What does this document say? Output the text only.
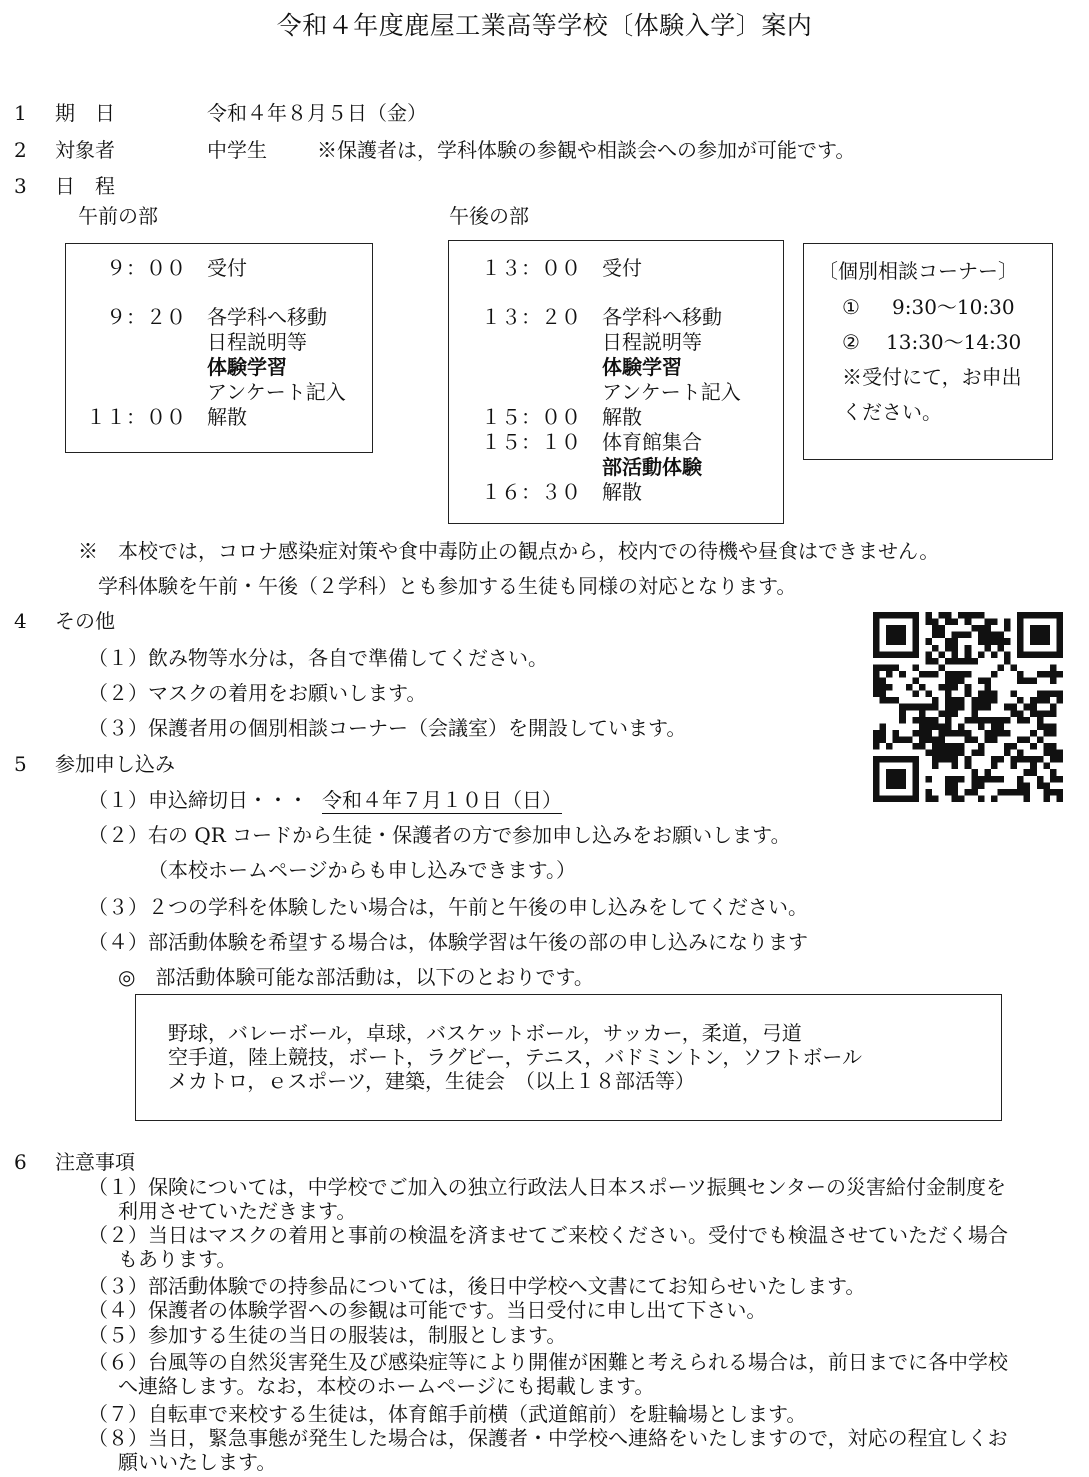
令和４年度鹿屋工業高等学校〔体験入学〕案内
1 期　日	令和４年８月５日（金）
2 対象者	中学生	※保護者は，学科体験の参観や相談会への参加が可能です。
3 日　程
午前の部	午後の部
９：００ 受付
９：２０ 各学科へ移動
日程説明等
体験学習
アンケート記入
１１：００ 解散
１３：００ 受付
１３：２０ 各学科へ移動
日程説明等
体験学習
アンケート記入
１５：００ 解散
１５：１０ 体育館集合
部活動体験
１６：３０ 解散
〔個別相談コーナー〕
① 9:30～10:30
② 13:30～14:30
※受付にて，お申出
ください。
※　本校では，コロナ感染症対策や食中毒防止の観点から，校内での待機や昼食はできません。
学科体験を午前・午後（２学科）とも参加する生徒も同様の対応となります。
4 その他
（１）飲み物等水分は，各自で準備してください。
（２）マスクの着用をお願いします。
（３）保護者用の個別相談コーナー（会議室）を開設しています。
5 参加申し込み
（１）申込締切日・・・ 令和４年７月１０日（日）
（２）右の QR コードから生徒・保護者の方で参加申し込みをお願いします。
（本校ホームページからも申し込みできます。）
（３）２つの学科を体験したい場合は，午前と午後の申し込みをしてください。
（４）部活動体験を希望する場合は，体験学習は午後の部の申し込みになります
◎　部活動体験可能な部活動は，以下のとおりです。
野球，バレーボール，卓球，バスケットボール，サッカー，柔道，弓道
空手道，陸上競技，ボート，ラグビー，テニス，バドミントン，ソフトボール
メカトロ，ｅスポーツ，建築，生徒会　（以上１８部活等）
6 注意事項
（１）保険については，中学校でご加入の独立行政法人日本スポーツ振興センターの災害給付金制度を
利用させていただきます。
（２）当日はマスクの着用と事前の検温を済ませてご来校ください。受付でも検温させていただく場合
もあります。
（３）部活動体験での持参品については，後日中学校へ文書にてお知らせいたします。
（４）保護者の体験学習への参観は可能です。当日受付に申し出て下さい。
（５）参加する生徒の当日の服装は，制服とします。
（６）台風等の自然災害発生及び感染症等により開催が困難と考えられる場合は，前日までに各中学校
へ連絡します。なお，本校のホームページにも掲載します。
（７）自転車で来校する生徒は，体育館手前横（武道館前）を駐輪場とします。
（８）当日，緊急事態が発生した場合は，保護者・中学校へ連絡をいたしますので，対応の程宜しくお
願いいたします。
